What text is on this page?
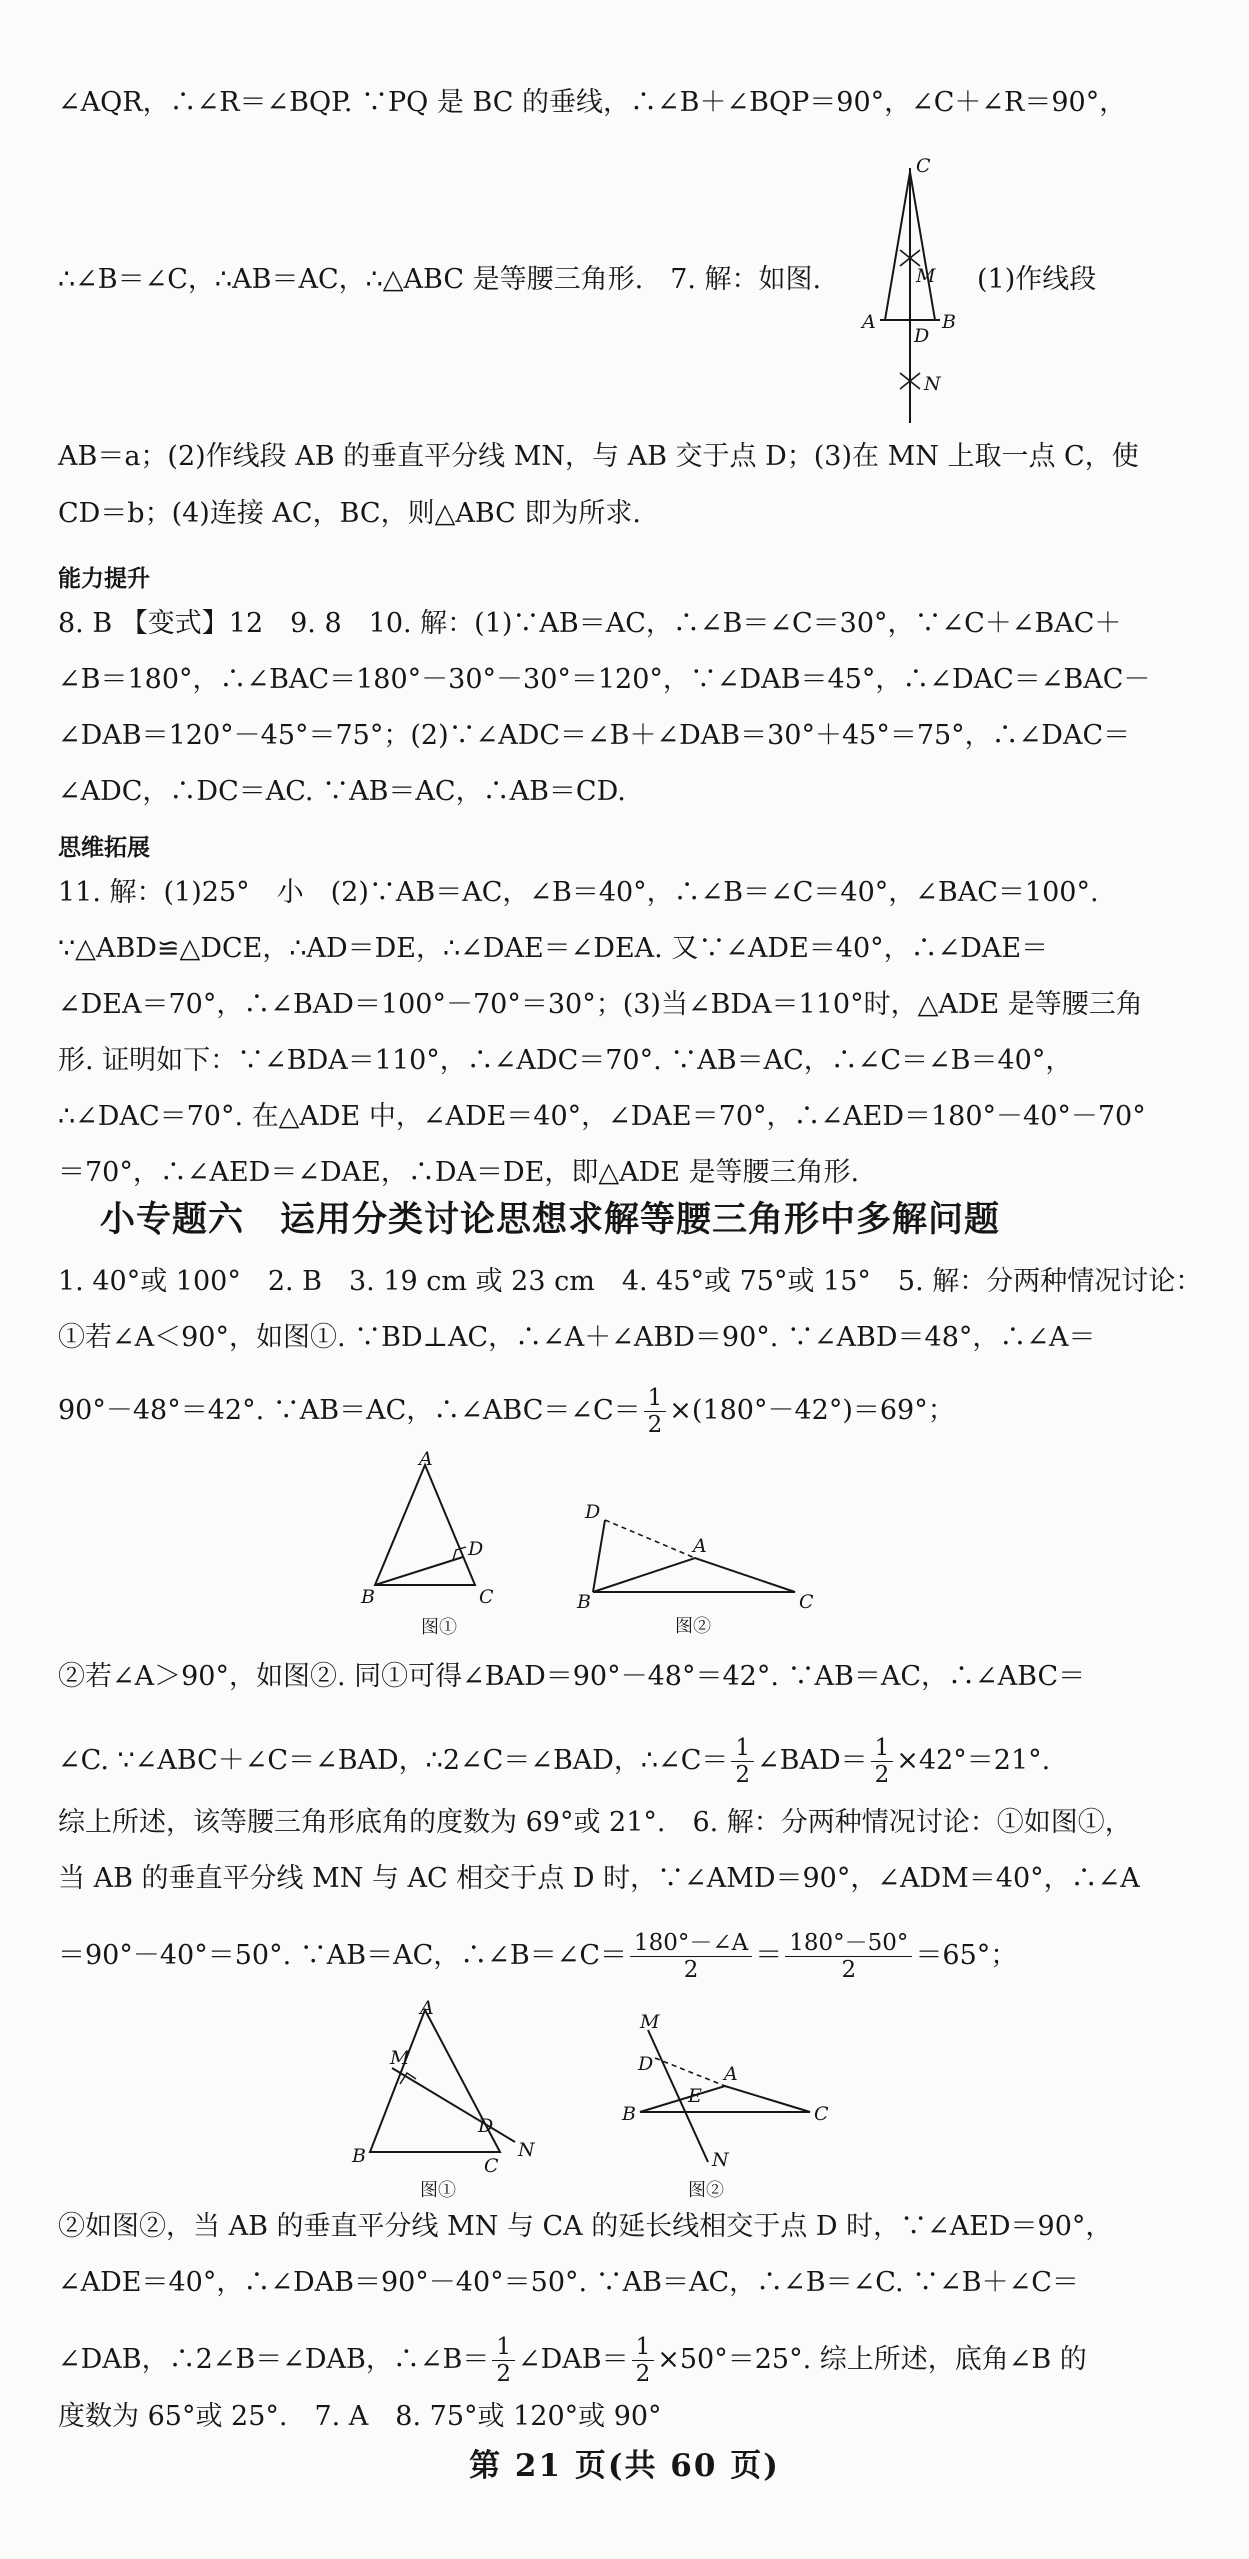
∠AQR，∴∠R＝∠BQP. ∵PQ 是 BC 的垂线，∴∠B＋∠BQP＝90°，∠C＋∠R＝90°，
∴∠B＝∠C，∴AB＝AC，∴△ABC 是等腰三角形.　7. 解：如图.	(1)作线段
C
M
A
D
B
N
AB＝a；(2)作线段 AB 的垂直平分线 MN，与 AB 交于点 D；(3)在 MN 上取一点 C，使
CD＝b；(4)连接 AC，BC，则△ABC 即为所求.
能力提升
8. B 【变式】12　9. 8　10. 解：(1)∵AB＝AC，∴∠B＝∠C＝30°，∵∠C＋∠BAC＋
∠B＝180°，∴∠BAC＝180°－30°－30°＝120°，∵∠DAB＝45°，∴∠DAC＝∠BAC－
∠DAB＝120°－45°＝75°；(2)∵∠ADC＝∠B＋∠DAB＝30°＋45°＝75°，∴∠DAC＝
∠ADC，∴DC＝AC. ∵AB＝AC，∴AB＝CD.
思维拓展
11. 解：(1)25°　小　(2)∵AB＝AC，∠B＝40°，∴∠B＝∠C＝40°，∠BAC＝100°.
∵△ABD≌△DCE，∴AD＝DE，∴∠DAE＝∠DEA. 又∵∠ADE＝40°，∴∠DAE＝
∠DEA＝70°，∴∠BAD＝100°－70°＝30°；(3)当∠BDA＝110°时，△ADE 是等腰三角
形. 证明如下：∵∠BDA＝110°，∴∠ADC＝70°. ∵AB＝AC，∴∠C＝∠B＝40°，
∴∠DAC＝70°. 在△ADE 中，∠ADE＝40°，∠DAE＝70°，∴∠AED＝180°－40°－70°
＝70°，∴∠AED＝∠DAE，∴DA＝DE，即△ADE 是等腰三角形.
小专题六　运用分类讨论思想求解等腰三角形中多解问题
1. 40°或 100°　2. B　3. 19 cm 或 23 cm　4. 45°或 75°或 15°　5. 解：分两种情况讨论：
①若∠A＜90°，如图①. ∵BD⊥AC，∴∠A＋∠ABD＝90°. ∵∠ABD＝48°，∴∠A＝
90°－48°＝42°. ∵AB＝AC，∴∠ABC＝∠C＝ $\frac{1}{2} \times(180^\circ-42^\circ)=69^\circ$；
A
D
B	C
图①
D
A
B	C
图②
②若∠A＞90°，如图②. 同①可得∠BAD＝90°－48°＝42°. ∵AB＝AC，∴∠ABC＝
∠C. ∵∠ABC＋∠C＝∠BAD，∴2∠C＝∠BAD，∴∠C＝ $\frac{1}{2}$ ∠BAD＝ $\frac{1}{2} \times 42^\circ=21^\circ$.
综上所述，该等腰三角形底角的度数为 69°或 21°.　6. 解：分两种情况讨论：①如图①，
当 AB 的垂直平分线 MN 与 AC 相交于点 D 时，∵∠AMD＝90°，∠ADM＝40°，∴∠A
＝90°－40°＝50°. ∵AB＝AC，∴∠B＝∠C＝ $\frac{180^\circ-\angle A}{2} = \frac{180^\circ-50^\circ}{2} =65^\circ$；
A
M
D
N
B	C
图①
M
D	A
E
B	C
N
图②
②如图②，当 AB 的垂直平分线 MN 与 CA 的延长线相交于点 D 时，∵∠AED＝90°，
∠ADE＝40°，∴∠DAB＝90°－40°＝50°. ∵AB＝AC，∴∠B＝∠C. ∵∠B＋∠C＝
∠DAB，∴2∠B＝∠DAB，∴∠B＝ $\frac{1}{2}$ ∠DAB＝ $\frac{1}{2} \times 50^\circ=25^\circ$. 综上所述，底角∠B 的
度数为 65°或 25°.　7. A　8. 75°或 120°或 90°
第 21 页(共 60 页)
